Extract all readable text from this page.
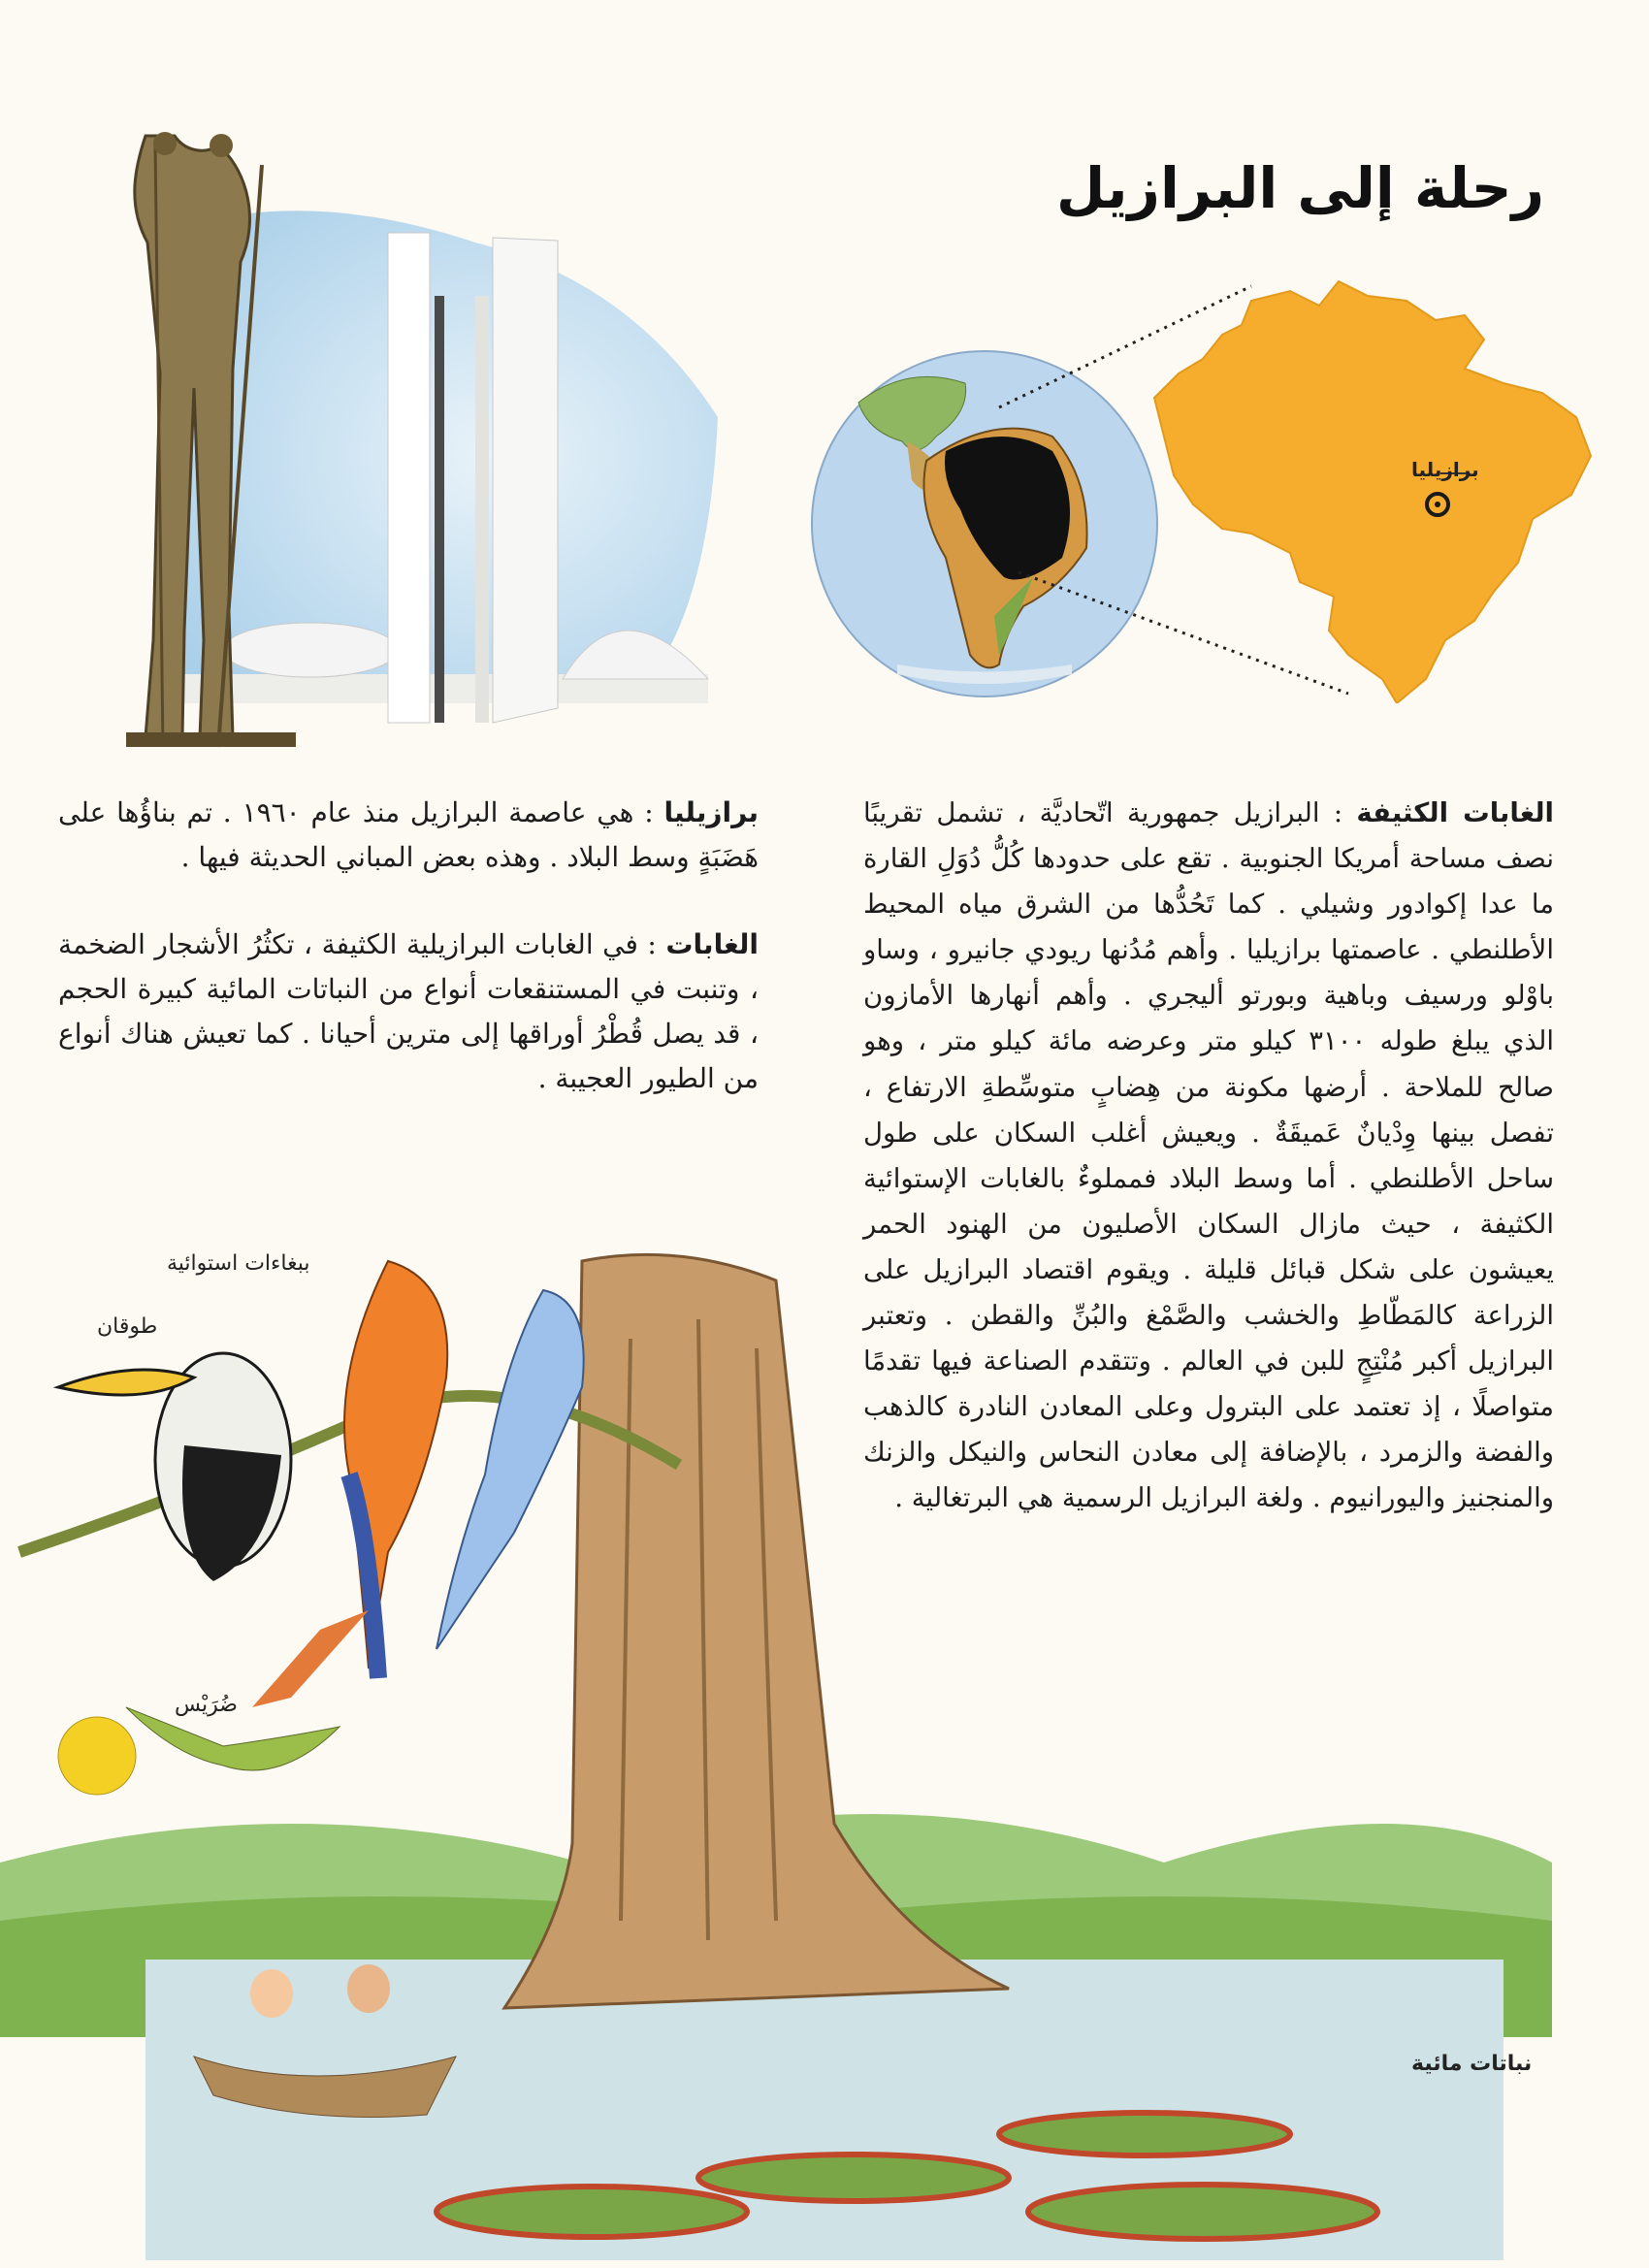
رحلة إلى البرازيل
برازيليا

الغابات الكثيفة : البرازيل جمهورية اتّحاديَّة ، تشمل تقريبًا نصف مساحة أمريكا الجنوبية . تقع على حدودها كُلُّ دُوَلِ القارة ما عدا إكوادور وشيلي . كما تَحُدُّها من الشرق مياه المحيط الأطلنطي . عاصمتها برازيليا . وأهم مُدُنها ريودي جانيرو ، وساو باوْلو ورسيف وباهية وبورتو أليجري . وأهم أنهارها الأمازون الذي يبلغ طوله ٣١٠٠ كيلو متر وعرضه مائة كيلو متر ، وهو صالح للملاحة . أرضها مكونة من هِضابٍ متوسِّطةِ الارتفاع ، تفصل بينها وِدْيانٌ عَميقَةٌ . ويعيش أغلب السكان على طول ساحل الأطلنطي . أما وسط البلاد فمملوءٌ بالغابات الإستوائية الكثيفة ، حيث مازال السكان الأصليون من الهنود الحمر يعيشون على شكل قبائل قليلة . ويقوم اقتصاد البرازيل على الزراعة كالمَطّاطِ والخشب والصَّمْغ والبُنِّ والقطن . وتعتبر البرازيل أكبر مُنْتِجٍ للبن في العالم . وتتقدم الصناعة فيها تقدمًا متواصلًا ، إذ تعتمد على البترول وعلى المعادن النادرة كالذهب والفضة والزمرد ، بالإضافة إلى معادن النحاس والنيكل والزنك والمنجنيز واليورانيوم . ولغة البرازيل الرسمية هي البرتغالية .

برازيليا : هي عاصمة البرازيل منذ عام ١٩٦٠ . تم بناؤُها على هَضَبَةٍ وسط البلاد . وهذه بعض المباني الحديثة فيها .

الغابات : في الغابات البرازيلية الكثيفة ، تكثُرُ الأشجار الضخمة ، وتنبت في المستنقعات أنواع من النباتات المائية كبيرة الحجم ، قد يصل قُطْرُ أوراقها إلى مترين أحيانا . كما تعيش هناك أنواع من الطيور العجيبة .

ببغاءات استوائية
طوقان
ضُرَيْس
نباتات مائية
